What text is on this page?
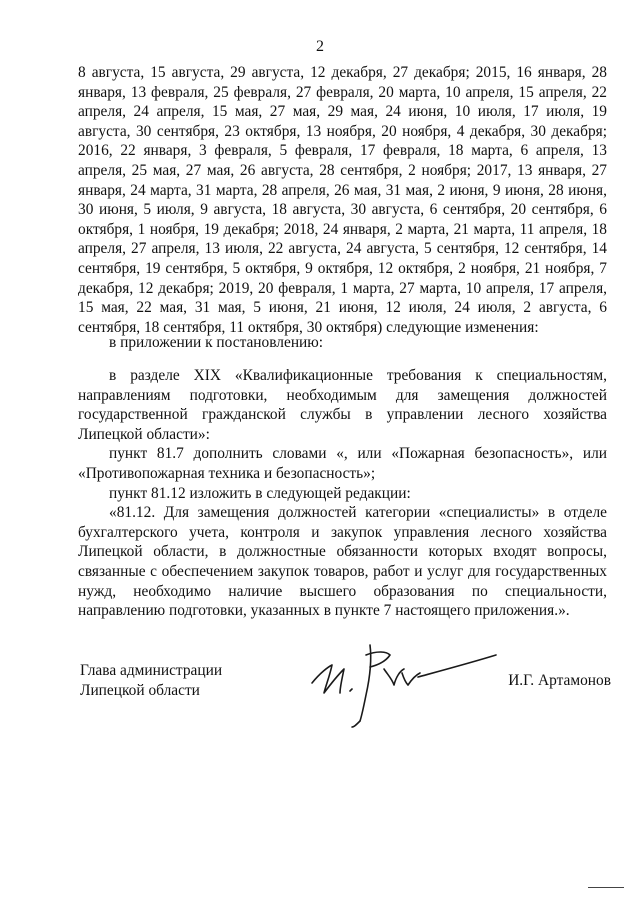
2

8 августа, 15 августа, 29 августа, 12 декабря, 27 декабря; 2015, 16 января, 28 января, 13 февраля, 25 февраля, 27 февраля, 20 марта, 10 апреля, 15 апреля, 22 апреля, 24 апреля, 15 мая, 27 мая, 29 мая, 24 июня, 10 июля, 17 июля, 19 августа, 30 сентября, 23 октября, 13 ноября, 20 ноября, 4 декабря, 30 декабря; 2016, 22 января, 3 февраля, 5 февраля, 17 февраля, 18 марта, 6 апреля, 13 апреля, 25 мая, 27 мая, 26 августа, 28 сентября, 2 ноября; 2017, 13 января, 27 января, 24 марта, 31 марта, 28 апреля, 26 мая, 31 мая, 2 июня, 9 июня, 28 июня, 30 июня, 5 июля, 9 августа, 18 августа, 30 августа, 6 сентября, 20 сентября, 6 октября, 1 ноября, 19 декабря; 2018, 24 января, 2 марта, 21 марта, 11 апреля, 18 апреля, 27 апреля, 13 июля, 22 августа, 24 августа, 5 сентября, 12 сентября, 14 сентября, 19 сентября, 5 октября, 9 октября, 12 октября, 2 ноября, 21 ноября, 7 декабря, 12 декабря; 2019, 20 февраля, 1 марта, 27 марта, 10 апреля, 17 апреля, 15 мая, 22 мая, 31 мая, 5 июня, 21 июня, 12 июля, 24 июля, 2 августа, 6 сентября, 18 сентября, 11 октября, 30 октября) следующие изменения:

в приложении к постановлению:

в разделе XIX «Квалификационные требования к специальностям, направлениям подготовки, необходимым для замещения должностей государственной гражданской службы в управлении лесного хозяйства Липецкой области»:

пункт 81.7 дополнить словами «, или «Пожарная безопасность», или «Противопожарная техника и безопасность»;

пункт 81.12 изложить в следующей редакции:

«81.12. Для замещения должностей категории «специалисты» в отделе бухгалтерского учета, контроля и закупок управления лесного хозяйства Липецкой области, в должностные обязанности которых входят вопросы, связанные с обеспечением закупок товаров, работ и услуг для государственных нужд, необходимо наличие высшего образования по специальности, направлению подготовки, указанных в пункте 7 настоящего приложения.».

Глава администрации
Липецкой области
И.Г. Артамонов
